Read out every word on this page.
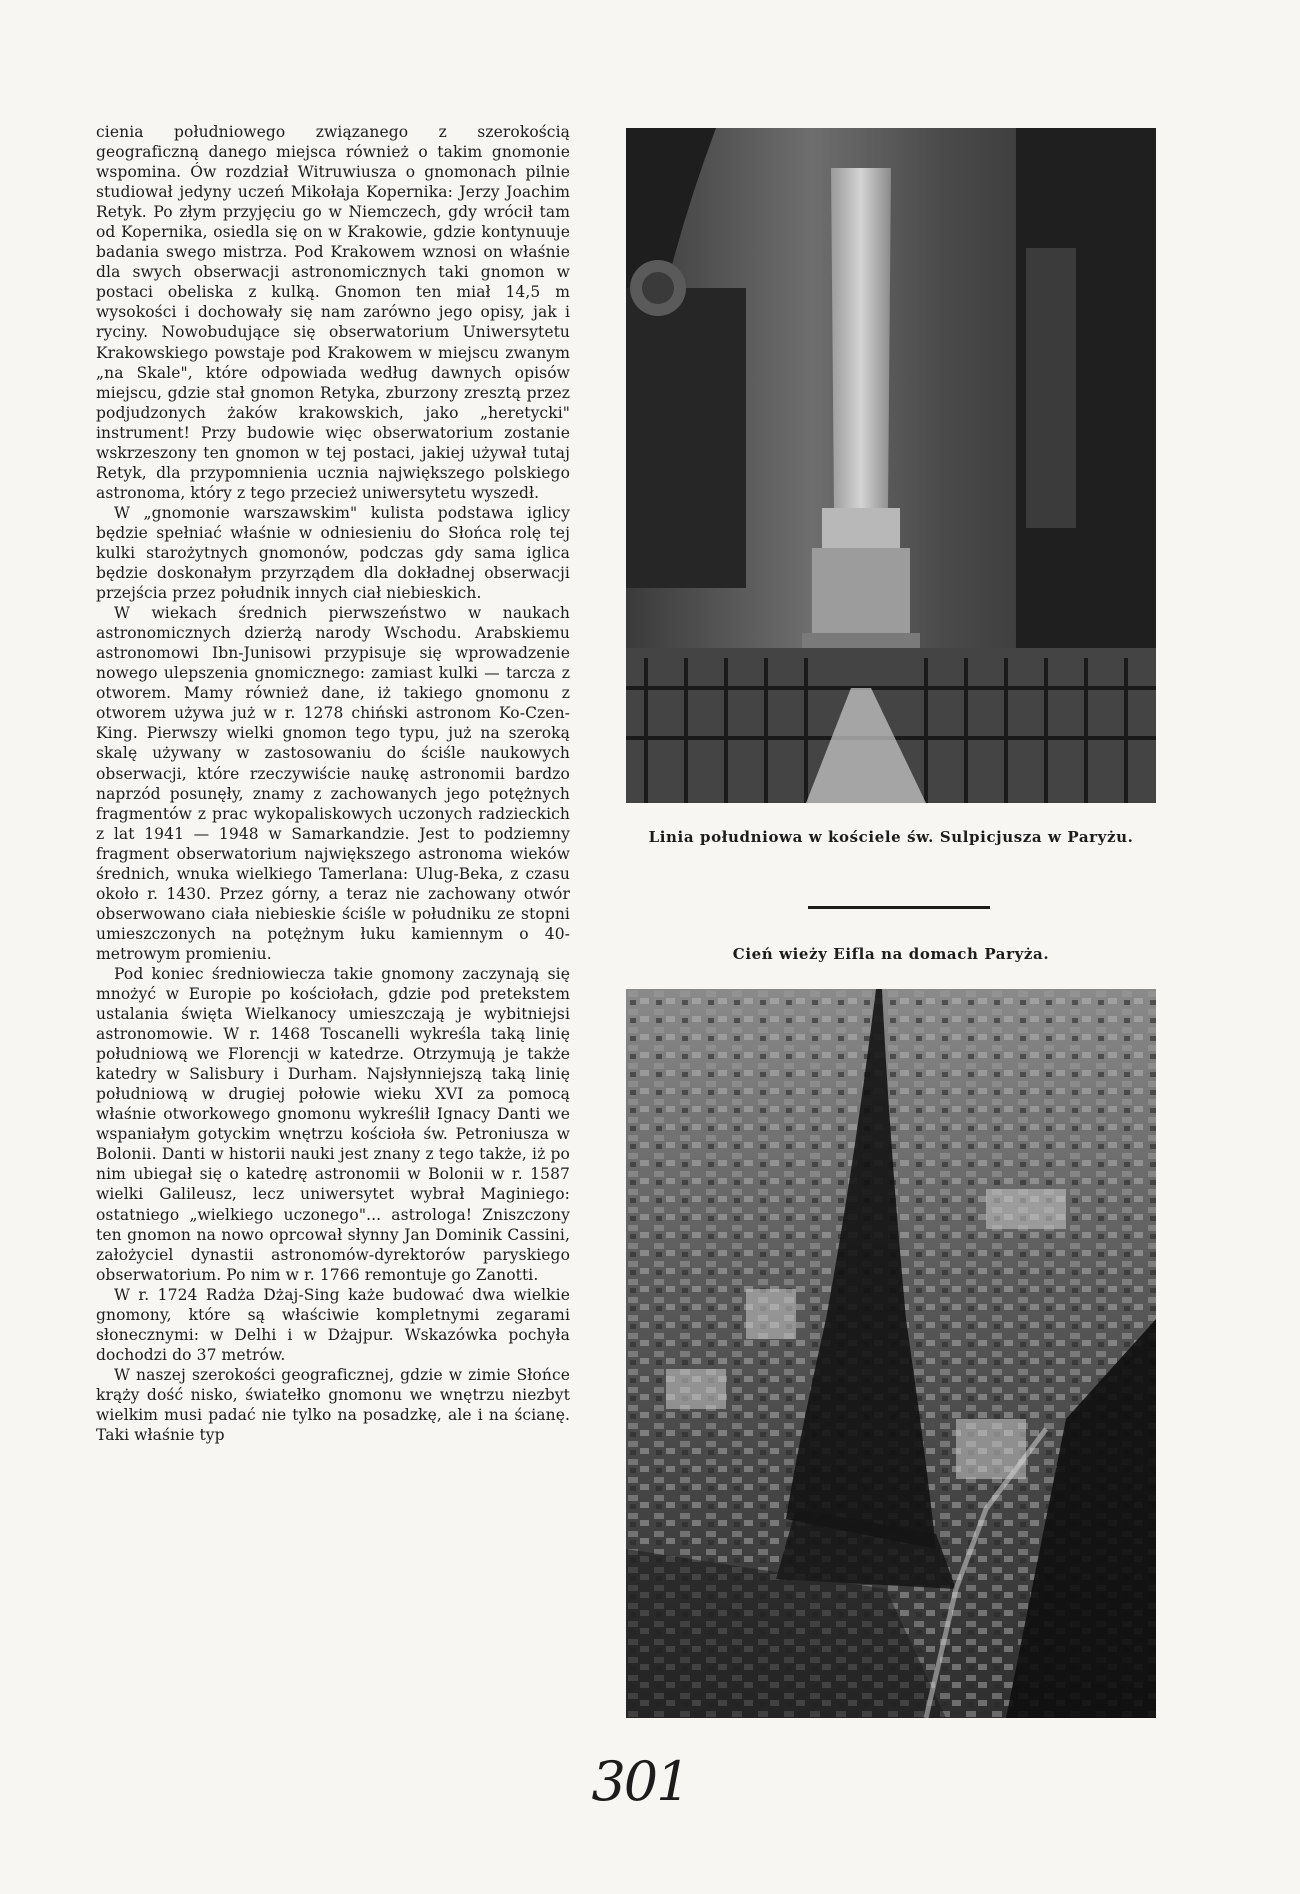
cienia południowego związanego z szerokością geograficzną danego miejsca również o takim gnomonie wspomina. Ów rozdział Witruwiusza o gnomonach pilnie studiował jedyny uczeń Mikołaja Kopernika: Jerzy Joachim Retyk. Po złym przyjęciu go w Niemczech, gdy wrócił tam od Kopernika, osiedla się on w Krakowie, gdzie kontynuuje badania swego mistrza. Pod Krakowem wznosi on właśnie dla swych obserwacji astronomicznych taki gnomon w postaci obeliska z kulką. Gnomon ten miał 14,5 m wysokości i dochowały się nam zarówno jego opisy, jak i ryciny. Nowobudujące się obserwatorium Uniwersytetu Krakowskiego powstaje pod Krakowem w miejscu zwanym „na Skale", które odpowiada według dawnych opisów miejscu, gdzie stał gnomon Retyka, zburzony zresztą przez podjudzonych żaków krakowskich, jako „heretycki" instrument! Przy budowie więc obserwatorium zostanie wskrzeszony ten gnomon w tej postaci, jakiej używał tutaj Retyk, dla przypomnienia ucznia największego polskiego astronoma, który z tego przecież uniwersytetu wyszedł.

W „gnomonie warszawskim" kulista podstawa iglicy będzie spełniać właśnie w odniesieniu do Słońca rolę tej kulki starożytnych gnomonów, podczas gdy sama iglica będzie doskonałym przyrządem dla dokładnej obserwacji przejścia przez południk innych ciał niebieskich.

W wiekach średnich pierwszeństwo w naukach astronomicznych dzierżą narody Wschodu. Arabskiemu astronomowi Ibn-Junisowi przypisuje się wprowadzenie nowego ulepszenia gnomicznego: zamiast kulki — tarcza z otworem. Mamy również dane, iż takiego gnomonu z otworem używa już w r. 1278 chiński astronom Ko-Czen-King. Pierwszy wielki gnomon tego typu, już na szeroką skalę używany w zastosowaniu do ściśle naukowych obserwacji, które rzeczywiście naukę astronomii bardzo naprzód posunęły, znamy z zachowanych jego potężnych fragmentów z prac wykopaliskowych uczonych radzieckich z lat 1941 — 1948 w Samarkandzie. Jest to podziemny fragment obserwatorium największego astronoma wieków średnich, wnuka wielkiego Tamerlana: Ulug-Beka, z czasu około r. 1430. Przez górny, a teraz nie zachowany otwór obserwowano ciała niebieskie ściśle w południku ze stopni umieszczonych na potężnym łuku kamiennym o 40-metrowym promieniu.

Pod koniec średniowiecza takie gnomony zaczynają się mnożyć w Europie po kościołach, gdzie pod pretekstem ustalania święta Wielkanocy umieszczają je wybitniejsi astronomowie. W r. 1468 Toscanelli wykreśla taką linię południową we Florencji w katedrze. Otrzymują je także katedry w Salisbury i Durham. Najsłynniejszą taką linię południową w drugiej połowie wieku XVI za pomocą właśnie otworkowego gnomonu wykreślił Ignacy Danti we wspaniałym gotyckim wnętrzu kościoła św. Petroniusza w Bolonii. Danti w historii nauki jest znany z tego także, iż po nim ubiegał się o katedrę astronomii w Bolonii w r. 1587 wielki Galileusz, lecz uniwersytet wybrał Maginiego: ostatniego „wielkiego uczonego"... astrologa! Zniszczony ten gnomon na nowo oprcował słynny Jan Dominik Cassini, założyciel dynastii astronomów-dyrektorów paryskiego obserwatorium. Po nim w r. 1766 remontuje go Zanotti.

W r. 1724 Radża Dżaj-Sing każe budować dwa wielkie gnomony, które są właściwie kompletnymi zegarami słonecznymi: w Delhi i w Dżajpur. Wskazówka pochyła dochodzi do 37 metrów.

W naszej szerokości geograficznej, gdzie w zimie Słońce krąży dość nisko, światełko gnomonu we wnętrzu niezbyt wielkim musi padać nie tylko na posadzkę, ale i na ścianę. Taki właśnie typ

Linia południowa w kościele św. Sulpicjusza w Paryżu.
Cień wieży Eifla na domach Paryża.
301
